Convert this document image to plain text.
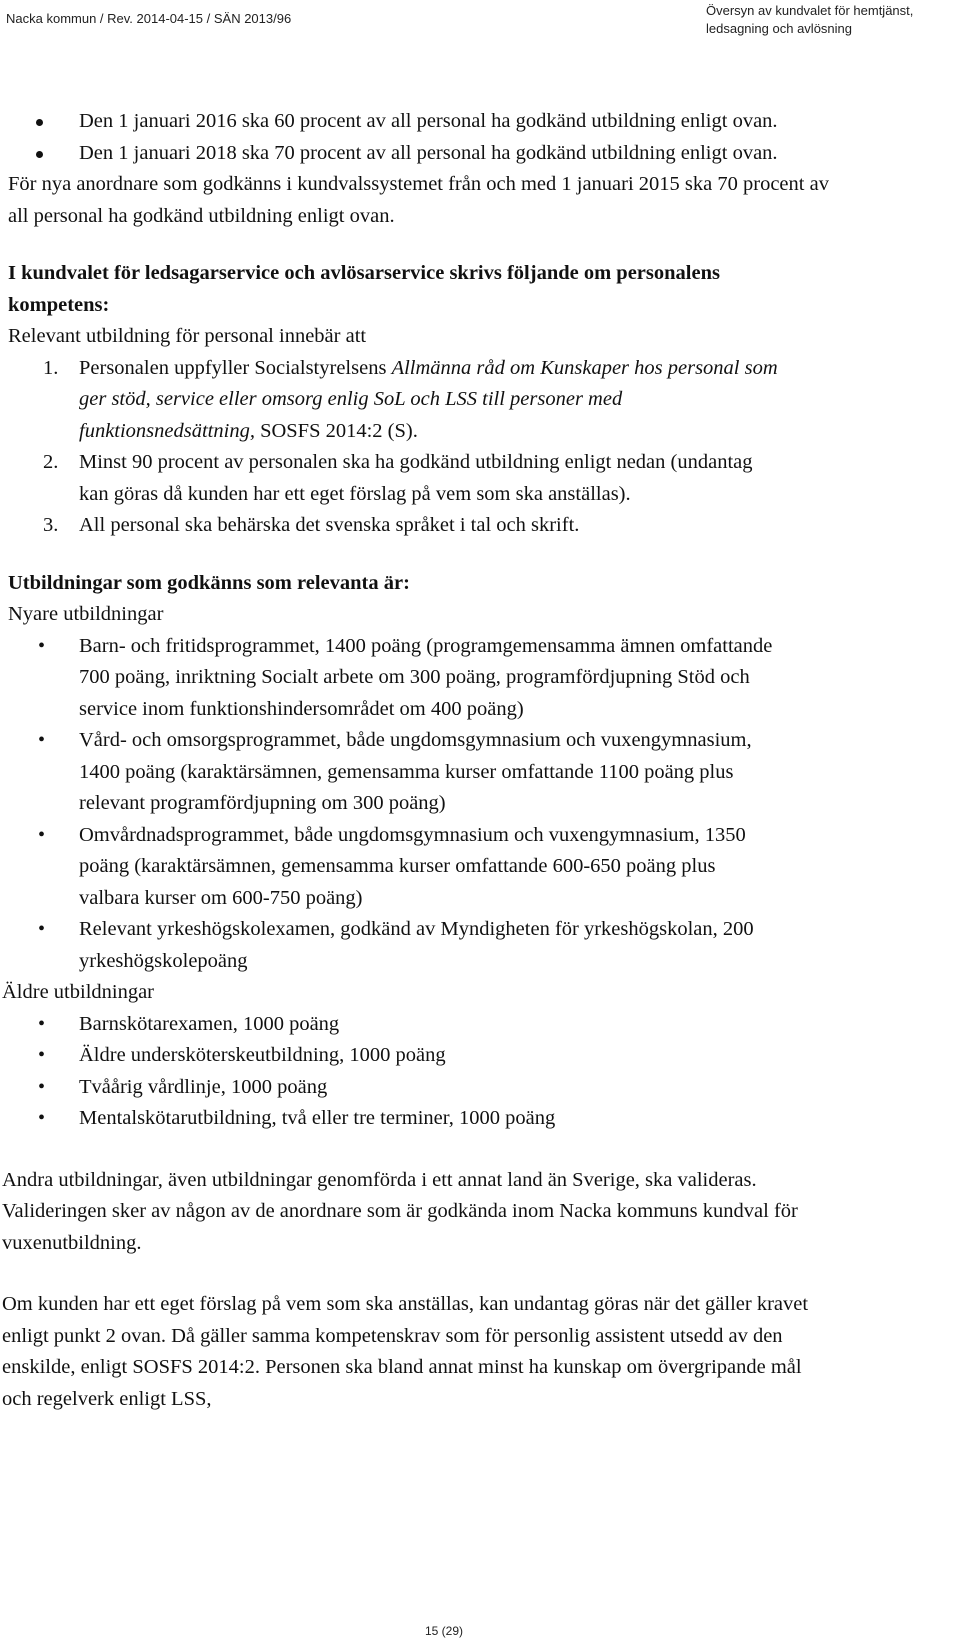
Nacka kommun / Rev. 2014-04-15 / SÄN 2013/96
Översyn av kundvalet för hemtjänst,
ledsagning och avlösning

Den 1 januari 2016 ska 60 procent av all personal ha godkänd utbildning enligt ovan.

Den 1 januari 2018 ska 70 procent av all personal ha godkänd utbildning enligt ovan.

För nya anordnare som godkänns i kundvalssystemet från och med 1 januari 2015 ska 70 procent av all personal ha godkänd utbildning enligt ovan.

I kundvalet för ledsagarservice och avlösarservice skrivs följande om personalens kompetens:

Relevant utbildning för personal innebär att

1. Personalen uppfyller Socialstyrelsens Allmänna råd om Kunskaper hos personal som ger stöd, service eller omsorg enlig SoL och LSS till personer med funktionsnedsättning, SOSFS 2014:2 (S).

2. Minst 90 procent av personalen ska ha godkänd utbildning enligt nedan (undantag kan göras då kunden har ett eget förslag på vem som ska anställas).

3. All personal ska behärska det svenska språket i tal och skrift.

Utbildningar som godkänns som relevanta är:

Nyare utbildningar

• Barn- och fritidsprogrammet, 1400 poäng (programgemensamma ämnen omfattande 700 poäng, inriktning Socialt arbete om 300 poäng, programfördjupning Stöd och service inom funktionshindersområdet om 400 poäng)

• Vård- och omsorgsprogrammet, både ungdomsgymnasium och vuxengymnasium, 1400 poäng (karaktärsämnen, gemensamma kurser omfattande 1100 poäng plus relevant programfördjupning om 300 poäng)

• Omvårdnadsprogrammet, både ungdomsgymnasium och vuxengymnasium, 1350 poäng (karaktärsämnen, gemensamma kurser omfattande 600-650 poäng plus valbara kurser om 600-750 poäng)

• Relevant yrkeshögskolexamen, godkänd av Myndigheten för yrkeshögskolan, 200 yrkeshögskolepoäng

Äldre utbildningar

• Barnskötarexamen, 1000 poäng

• Äldre undersköterskeutbildning, 1000 poäng

• Tvåårig vårdlinje, 1000 poäng

• Mentalskötarutbildning, två eller tre terminer, 1000 poäng

Andra utbildningar, även utbildningar genomförda i ett annat land än Sverige, ska valideras. Valideringen sker av någon av de anordnare som är godkända inom Nacka kommuns kundval för vuxenutbildning.

Om kunden har ett eget förslag på vem som ska anställas, kan undantag göras när det gäller kravet enligt punkt 2 ovan. Då gäller samma kompetenskrav som för personlig assistent utsedd av den enskilde, enligt SOSFS 2014:2. Personen ska bland annat minst ha kunskap om övergripande mål och regelverk enligt LSS,

15 (29)
